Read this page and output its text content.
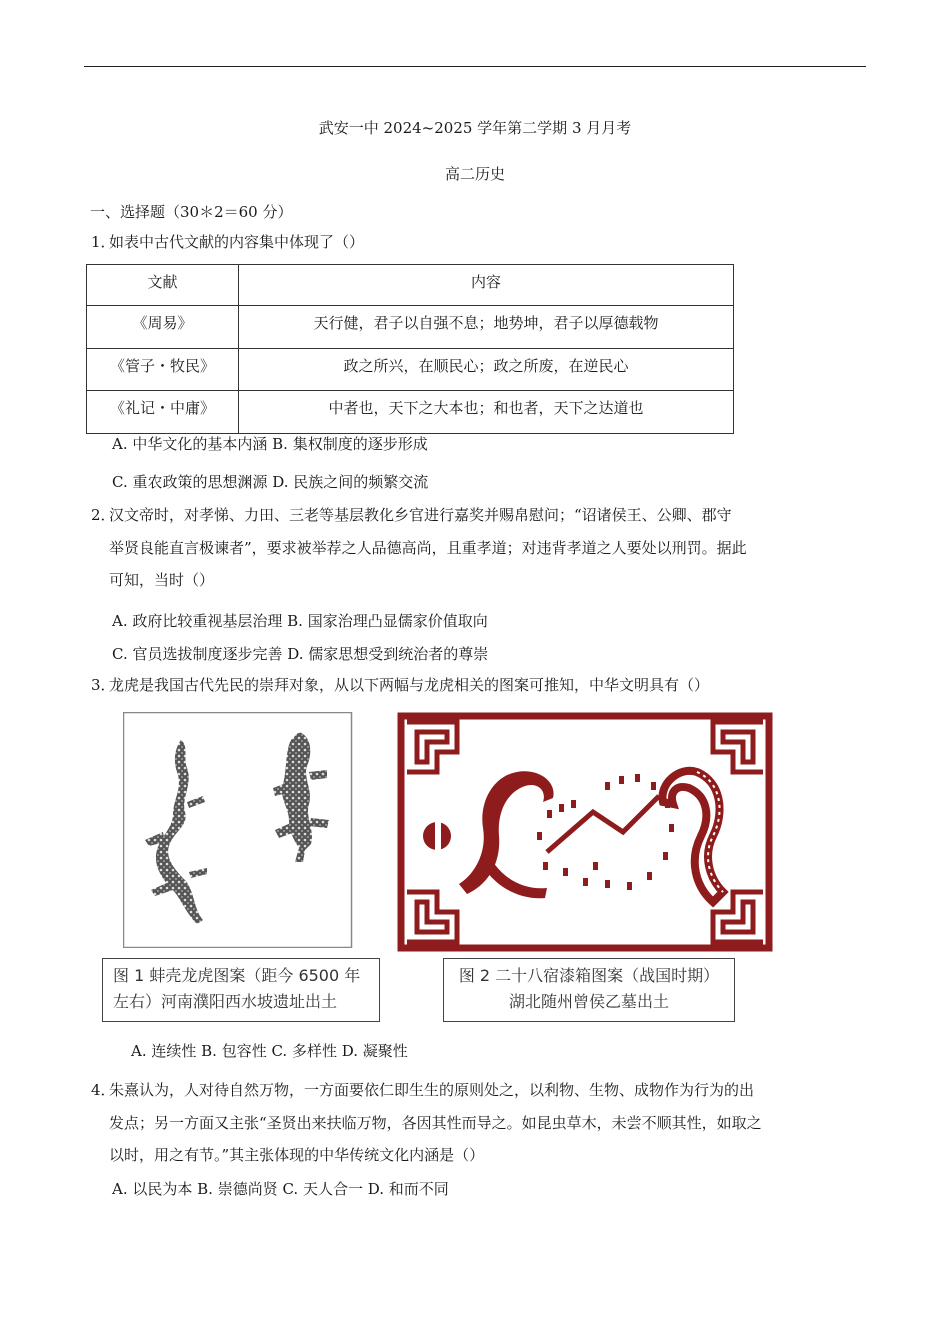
武安一中 2024~2025 学年第二学期 3 月月考
高二历史
一、选择题（30＊2＝60 分）
1．如表中古代文献的内容集中体现了（）
文献	内容
《周易》	天行健，君子以自强不息；地势坤，君子以厚德载物
《管子・牧民》	政之所兴，在顺民心；政之所废，在逆民心
《礼记・中庸》	中者也，天下之大本也；和也者，天下之达道也
A. 中华文化的基本内涵 B. 集权制度的逐步形成
C. 重农政策的思想渊源 D. 民族之间的频繁交流
2．汉文帝时，对孝悌、力田、三老等基层教化乡官进行嘉奖并赐帛慰问；“诏诸侯王、公卿、郡守
举贤良能直言极谏者”，要求被举荐之人品德高尚，且重孝道；对违背孝道之人要处以刑罚。据此
可知，当时（）
A. 政府比较重视基层治理 B. 国家治理凸显儒家价值取向
C. 官员选拔制度逐步完善 D. 儒家思想受到统治者的尊崇
3．龙虎是我国古代先民的崇拜对象，从以下两幅与龙虎相关的图案可推知，中华文明具有（）
图 1 蚌壳龙虎图案（距今 6500 年
左右）河南濮阳西水坡遗址出土
图 2 二十八宿漆箱图案（战国时期）
湖北随州曾侯乙墓出土
A. 连续性 B. 包容性 C. 多样性 D. 凝聚性
4．朱熹认为，人对待自然万物，一方面要依仁即生生的原则处之，以利物、生物、成物作为行为的出
发点；另一方面又主张“圣贤出来扶临万物，各因其性而导之。如昆虫草木，未尝不顺其性，如取之
以时，用之有节。”其主张体现的中华传统文化内涵是（）
A. 以民为本 B. 崇德尚贤 C. 天人合一 D. 和而不同
